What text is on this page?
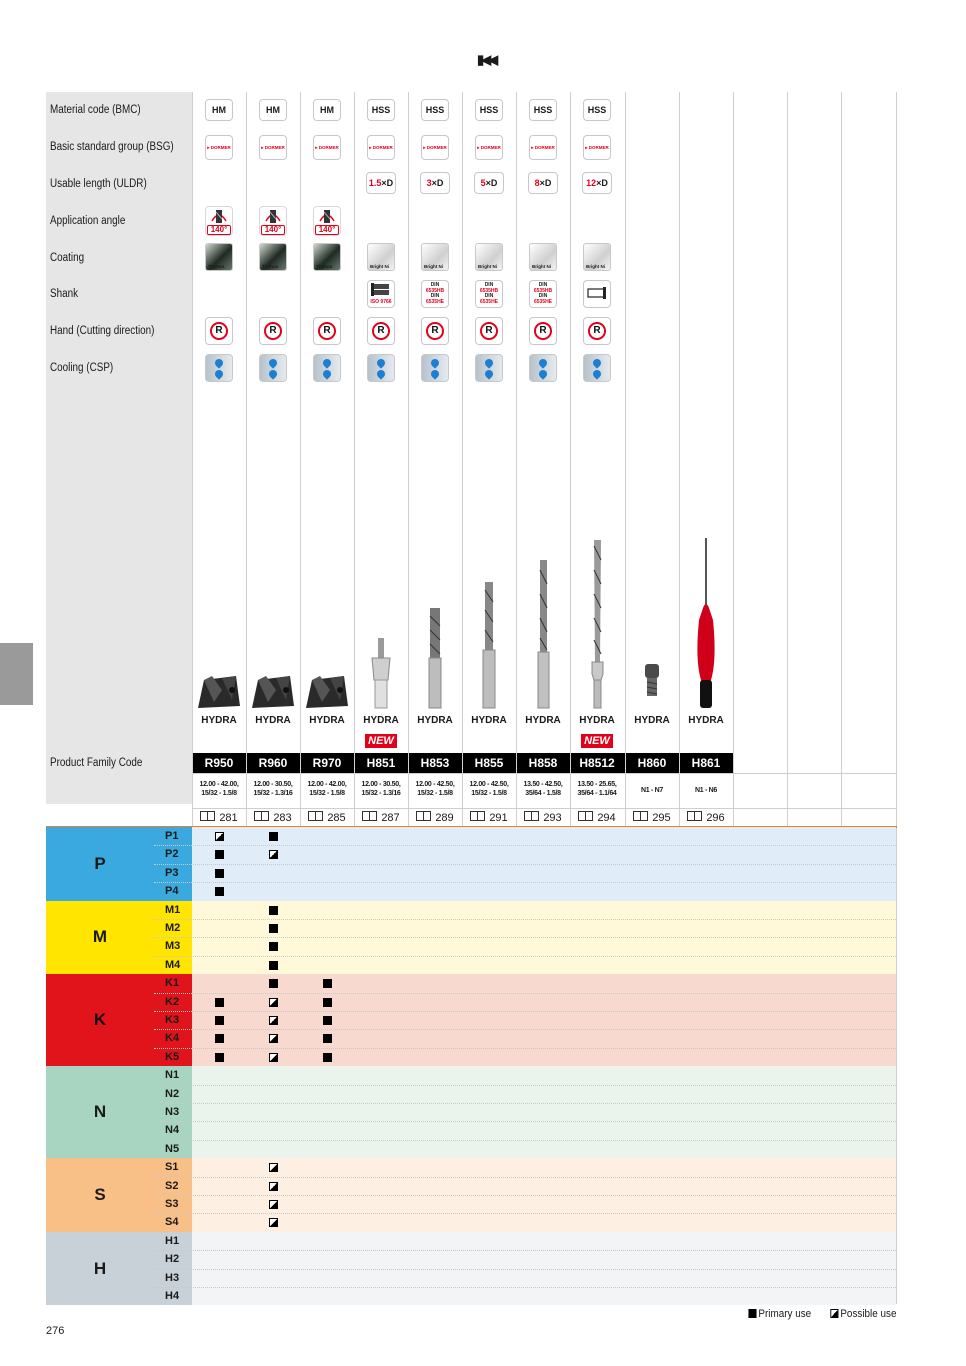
▮◀◀
Material code (BMC)
Basic standard group (BSG)
Usable length (ULDR)
Application angle
Coating
Shank
Hand (Cutting direction)
Cooling (CSP)
Product Family Code
HM
▸ DORMER
140°
Ti-phon
R
HYDRA
R950
12.00 - 42.00,
15/32 - 1.5/8
281
HM
▸ DORMER
140°
Ti-phon
R
HYDRA
R960
12.00 - 30.50,
15/32 - 1.3/16
283
HM
▸ DORMER
140°
Ti-phon
R
HYDRA
R970
12.00 - 42.00,
15/32 - 1.5/8
285
HSS
▸ DORMER
1.5 ×D
Bright Ni
ISO 9766
R
HYDRA
NEW
H851
12.00 - 30.50,
15/32 - 1.3/16
287
HSS
▸ DORMER
3 ×D
Bright Ni
DIN
6535HB
DIN
6535HE
R
HYDRA
H853
12.00 - 42.50,
15/32 - 1.5/8
289
HSS
▸ DORMER
5 ×D
Bright Ni
DIN
6535HB
DIN
6535HE
R
HYDRA
H855
12.00 - 42.50,
15/32 - 1.5/8
291
HSS
▸ DORMER
8 ×D
Bright Ni
DIN
6535HB
DIN
6535HE
R
HYDRA
H858
13.50 - 42.50,
35/64 - 1.5/8
293
HSS
▸ DORMER
12 ×D
Bright Ni
R
HYDRA
NEW
H8512
13.50 - 25.65,
35/64 - 1.1/64
294
HYDRA
H860
N1 - N7
295
HYDRA
H861
N1 - N6
296
P
P1
P2
P3
P4
M
M1
M2
M3
M4
K
K1
K2
K3
K4
K5
N
N1
N2
N3
N4
N5
S
S1
S2
S3
S4
H
H1
H2
H3
H4
Primary use	Possible use
276
